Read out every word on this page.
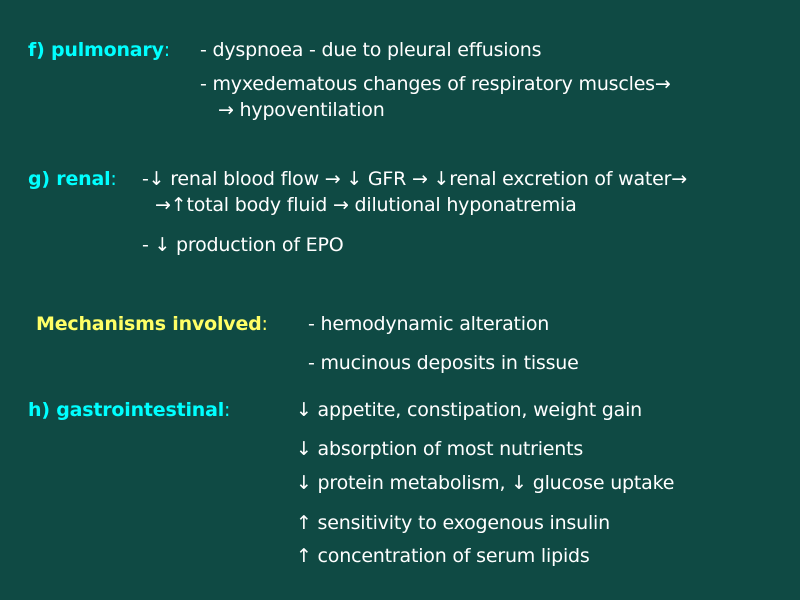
f) pulmonary: - dyspnoea - due to pleural effusions
- myxedematous changes of respiratory muscles→
→ hypoventilation
g) renal: -↓ renal blood flow → ↓ GFR → ↓renal excretion of water→
→↑total body fluid → dilutional hyponatremia
- ↓ production of EPO
Mechanisms involved: - hemodynamic alteration
- mucinous deposits in tissue
h) gastrointestinal:	↓ appetite, constipation, weight gain
↓ absorption of most nutrients
↓ protein metabolism, ↓ glucose uptake
↑ sensitivity to exogenous insulin
↑ concentration of serum lipids
